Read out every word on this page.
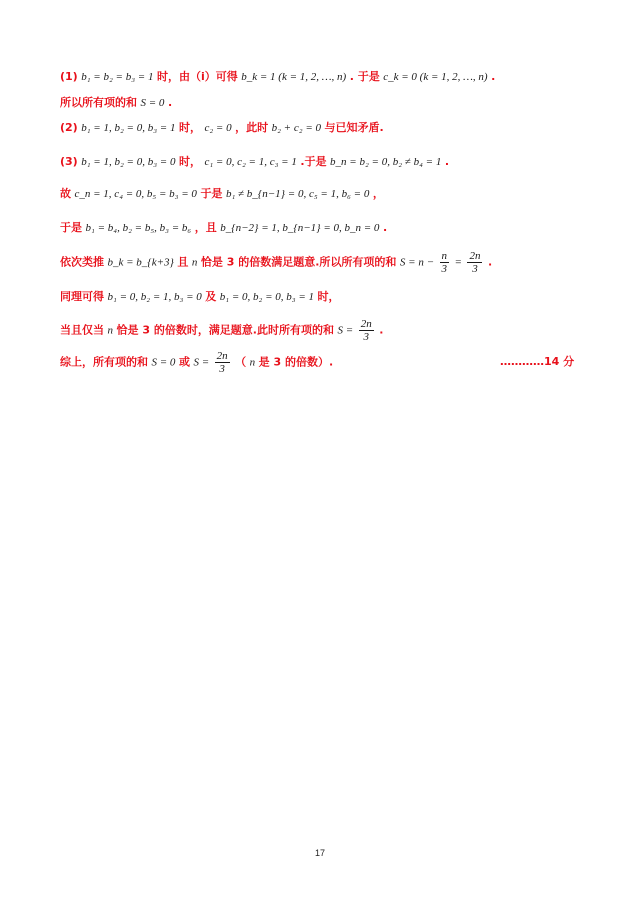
(1) b₁ = b₂ = b₃ = 1 时，由（i）可得 b_k = 1 (k = 1, 2, …, n) . 于是 c_k = 0 (k = 1, 2, …, n) .
所以所有项的和 S = 0 .
(2) b₁ = 1, b₂ = 0, b₃ = 1 时， c₂ = 0 ，此时 b₂ + c₂ = 0 与已知矛盾.
(3) b₁ = 1, b₂ = 0, b₃ = 0 时， c₁ = 0, c₂ = 1, c₃ = 1 .于是 b_n = b₂ = 0, b₂ ≠ b₄ = 1 .
故 c_n = 1, c₄ = 0, b₅ = b₃ = 0 于是 b₁ ≠ b_{n−1} = 0, c₅ = 1, b₆ = 0 ，
于是 b₁ = b₄, b₂ = b₅, b₃ = b₆ ，且 b_{n−2} = 1, b_{n−1} = 0, b_n = 0 .
依次类推 b_k = b_{k+3} 且 n 恰是 3 的倍数满足题意.所以所有项的和 $S = n - \frac{n}{3} = \frac{2n}{3}$ .
同理可得 b₁ = 0, b₂ = 1, b₃ = 0 及 b₁ = 0, b₂ = 0, b₃ = 1 时，
当且仅当 n 恰是 3 的倍数时，满足题意.此时所有项的和 $S = \frac{2n}{3}$ .
综上，所有项的和 S = 0 或 $S = \frac{2n}{3}$ （ n 是 3 的倍数）.	…………14 分
17
